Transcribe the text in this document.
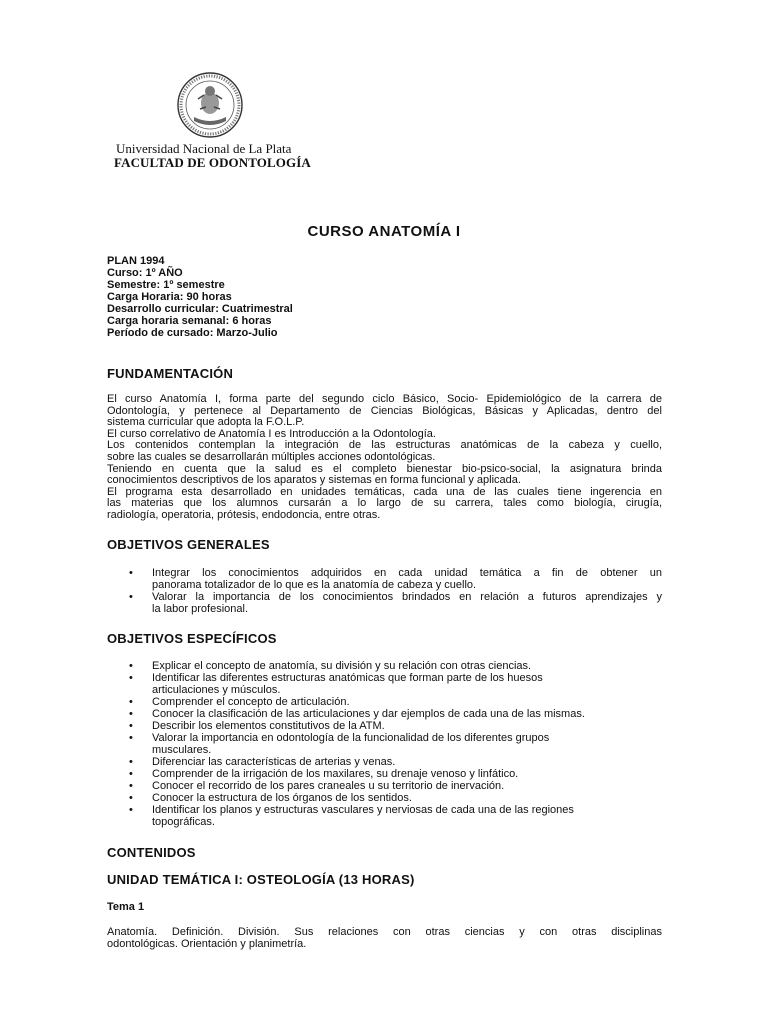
Universidad Nacional de La Plata
FACULTAD DE ODONTOLOGÍA
CURSO ANATOMÍA I
PLAN 1994
Curso: 1º AÑO
Semestre: 1º semestre
Carga Horaria: 90 horas
Desarrollo curricular: Cuatrimestral
Carga horaria semanal: 6 horas
Período de cursado: Marzo-Julio
FUNDAMENTACIÓN
El curso Anatomía I, forma parte del segundo ciclo Básico, Socio- Epidemiológico de la carrera de
Odontología, y pertenece al Departamento de Ciencias Biológicas, Básicas y Aplicadas, dentro del
sistema curricular que adopta la F.O.L.P.
El curso correlativo de Anatomía I es Introducción a la Odontología.
Los contenidos contemplan la integración de las estructuras anatómicas de la cabeza y cuello,
sobre las cuales se desarrollarán múltiples acciones odontológicas.
Teniendo en cuenta que la salud es el completo bienestar bio-psico-social, la asignatura brinda
conocimientos descriptivos de los aparatos y sistemas en forma funcional y aplicada.
El programa esta desarrollado en unidades temáticas, cada una de las cuales tiene ingerencia en
las materias que los alumnos cursarán a lo largo de su carrera, tales como biología, cirugía,
radiología, operatoria, prótesis, endodoncia, entre otras.
OBJETIVOS GENERALES
• Integrar los conocimientos adquiridos en cada unidad temática a fin de obtener un
panorama totalizador de lo que es la anatomía de cabeza y cuello.
• Valorar la importancia de los conocimientos brindados en relación a futuros aprendizajes y
la labor profesional.
OBJETIVOS ESPECÍFICOS
• Explicar el concepto de anatomía, su división y su relación con otras ciencias.
• Identificar las diferentes estructuras anatómicas que forman parte de los huesos
articulaciones y músculos.
• Comprender el concepto de articulación.
• Conocer la clasificación de las articulaciones y dar ejemplos de cada una de las mismas.
• Describir los elementos constitutivos de la ATM.
• Valorar la importancia en odontología de la funcionalidad de los diferentes grupos
musculares.
• Diferenciar las características de arterias y venas.
• Comprender de la irrigación de los maxilares, su drenaje venoso y linfático.
• Conocer el recorrido de los pares craneales u su territorio de inervación.
• Conocer la estructura de los órganos de los sentidos.
• Identificar los planos y estructuras vasculares y nerviosas de cada una de las regiones
topográficas.
CONTENIDOS
UNIDAD TEMÁTICA I: OSTEOLOGÍA (13 HORAS)
Tema 1
Anatomía. Definición. División. Sus relaciones con otras ciencias y con otras disciplinas
odontológicas. Orientación y planimetría.
